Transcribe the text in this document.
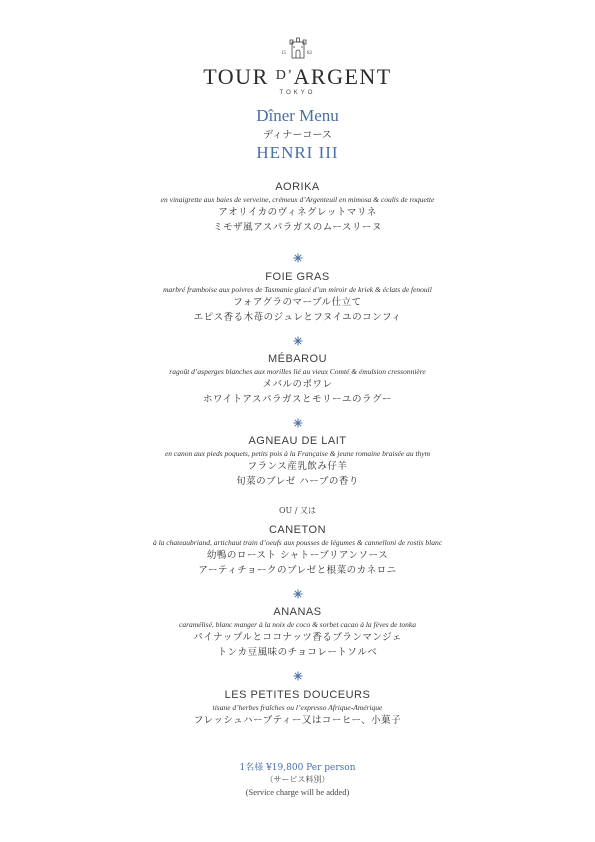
15	82
TOUR $^{D’}$ARGENT
TOKYO
Dîner Menu
ディナーコース
HENRI III
AORIKA
en vinaigrette aux baies de verveine, crémeux d’Argenteuil en mimosa & coulis de roquette
アオリイカのヴィネグレットマリネ
ミモザ風アスパラガスのムースリーヌ
FOIE GRAS
marbré framboise aux poivres de Tasmanie glacé d’un miroir de kriek & éclats de fenouil
フォアグラのマーブル仕立て
エピス香る木苺のジュレとフヌイユのコンフィ
MÉBAROU
ragoût d’asperges blanches aux morilles lié au vieux Comté & émulsion cressonnière
メバルのポワレ
ホワイトアスパラガスとモリーユのラグー
AGNEAU DE LAIT
en canon aux pieds poquets, petits pois à la Française & jeune romaine braisée au thym
フランス産乳飲み仔羊
旬菜のブレゼ ハーブの香り
OU / 又は
CANETON
à la chateaubriand, artichaut train d’oeufs aux pousses de légumes & cannelloni de rostis blanc
幼鴨のロースト シャトーブリアンソース
アーティチョークのブレゼと根菜のカネロニ
ANANAS
caramélisé, blanc manger à la noix de coco & sorbet cacao à la fèves de tonka
パイナップルとココナッツ香るブランマンジェ
トンカ豆風味のチョコレートソルベ
LES PETITES DOUCEURS
tisane d’herbes fraîches ou l’expresso Afrique-Amérique
フレッシュハーブティー又はコーヒー、小菓子
1名様 ¥19,800 Per person
（サービス料別）
(Service charge will be added)
